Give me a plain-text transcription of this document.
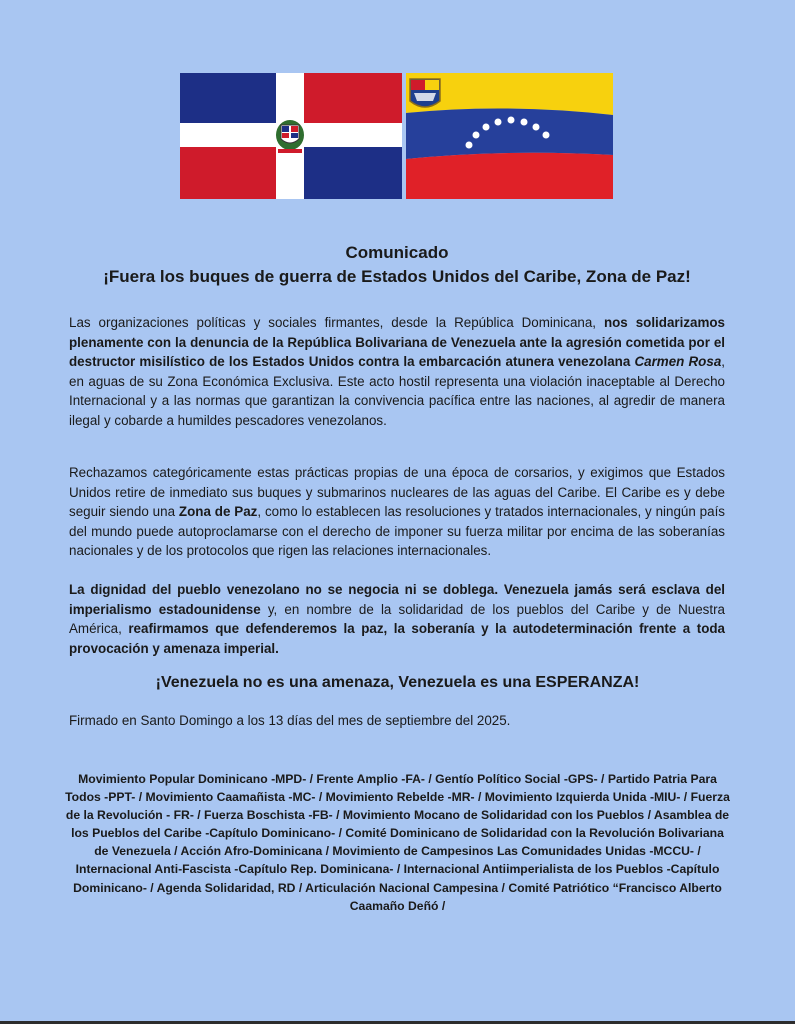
Comunicado
¡Fuera los buques de guerra de Estados Unidos del Caribe, Zona de Paz!
Las organizaciones políticas y sociales firmantes, desde la República Dominicana, nos solidarizamos plenamente con la denuncia de la República Bolivariana de Venezuela ante la agresión cometida por el destructor misilístico de los Estados Unidos contra la embarcación atunera venezolana Carmen Rosa, en aguas de su Zona Económica Exclusiva. Este acto hostil representa una violación inaceptable al Derecho Internacional y a las normas que garantizan la convivencia pacífica entre las naciones, al agredir de manera ilegal y cobarde a humildes pescadores venezolanos.
Rechazamos categóricamente estas prácticas propias de una época de corsarios, y exigimos que Estados Unidos retire de inmediato sus buques y submarinos nucleares de las aguas del Caribe. El Caribe es y debe seguir siendo una Zona de Paz, como lo establecen las resoluciones y tratados internacionales, y ningún país del mundo puede autoproclamarse con el derecho de imponer su fuerza militar por encima de las soberanías nacionales y de los protocolos que rigen las relaciones internacionales.
La dignidad del pueblo venezolano no se negocia ni se doblega. Venezuela jamás será esclava del imperialismo estadounidense y, en nombre de la solidaridad de los pueblos del Caribe y de Nuestra América, reafirmamos que defenderemos la paz, la soberanía y la autodeterminación frente a toda provocación y amenaza imperial.
¡Venezuela no es una amenaza, Venezuela es una ESPERANZA!
Firmado en Santo Domingo a los 13 días del mes de septiembre del 2025.
Movimiento Popular Dominicano -MPD- / Frente Amplio -FA- / Gentío Político Social -GPS- / Partido Patria Para Todos -PPT- / Movimiento Caamañista -MC- / Movimiento Rebelde -MR- / Movimiento Izquierda Unida -MIU- / Fuerza de la Revolución - FR- / Fuerza Boschista -FB- / Movimiento Mocano de Solidaridad con los Pueblos / Asamblea de los Pueblos del Caribe -Capítulo Dominicano- / Comité Dominicano de Solidaridad con la Revolución Bolivariana de Venezuela / Acción Afro-Dominicana / Movimiento de Campesinos Las Comunidades Unidas -MCCU- / Internacional Anti-Fascista -Capítulo Rep. Dominicana- / Internacional Antiimperialista de los Pueblos -Capítulo Dominicano- / Agenda Solidaridad, RD / Articulación Nacional Campesina / Comité Patriótico “Francisco Alberto Caamaño Deñó /
